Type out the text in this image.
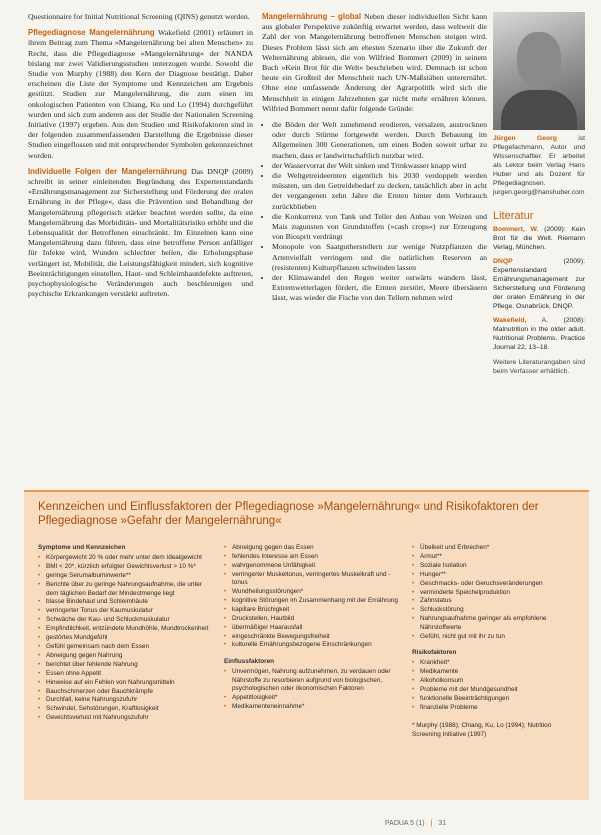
Questionnaire for Initial Nutritional Screening (QINS) genutzt werden.

Pflegediagnose Mangelernährung Wakefield (2001) erläutert in ihrem Beitrag zum Thema »Mangelernährung bei alten Menschen« zu Recht, dass die Pflegediagnose »Mangelernährung« der NANDA bislang nur zwei Validierungsstudien unterzogen wurde. Sowohl die Studie von Murphy (1988) den Kern der Diagnose bestätigt. Daher erscheinen die Liste der Symptome und Kennzeichen am Ergebnis gestützt. Studien zur Mangelernährung, die zum einen im onkologischen Patienten von Chiang, Ku und Lo (1994) durchgeführt wurden und sich zum anderen aus der Studie der Nationalen Screening Initiative (1997) ergeben. Aus den Studien und Risikofaktoren sind in der folgenden zusammenfassenden Darstellung die Ergebnisse dieser Studien eingeflossen und mit entsprechender Symbolen gekennzeichnet worden.

Individuelle Folgen der Mangelernährung Das DNQP (2009) schreibt in seiner einleitenden Begründung des Expertenstandards »Ernährungsmanagement zur Sicherstellung und Förderung der oralen Ernährung in der Pflege«, dass die Prävention und Behandlung der Mangelernährung pflegerisch stärker beachtet werden sollte, da eine Mangelernährung das Morbiditäts- und Mortalitätsrisiko erhöht und die Lebensqualität der Betroffenen einschränkt. Im Einzelnen kann eine Mangelernährung dazu führen, dass eine betroffene Person anfälliger für Infekte wird, Wunden schlechter heilen, die Erholungsphase verlängert ist, Mobilität, die Leistungsfähigkeit mindert, sich kognitive Beeinträchtigungen einstellen, Haut- und Schleimhautdefekte auftreten, psychophysiologische Veränderungen auch beschleunigen und psychische Erkrankungen verstärkt auftreten.

Mangelernährung – global Neben dieser individuellen Sicht kann aus globaler Perspektive zukünftig erwartet werden, dass weltweit die Zahl der von Mangelernährung betroffenen Menschen steigen wird. Dieses Problem lässt sich am ehesten Szenario über die Zukunft der Welternährung ablesen, die von Wilfried Bommert (2009) in seinem Buch »Kein Brot für die Welt« beschrieben wird. Demnach ist schon heute ein Großteil der Menschheit nach UN-Maßstäben unterernährt. Ohne eine umfassende Änderung der Agrarpolitik wird sich die Menschheit in einigen Jahrzehnten gar nicht mehr ernähren können. Wilfried Bommert nennt dafür folgende Gründe:

• die Böden der Welt zunehmend erodieren, versalzen, austrocknen oder durch Stürme fortgeweht werden. Durch Bebauung im Allgemeinen 300 Generationen, um einen Boden soweit urbar zu machen, dass er landwirtschaftlich nutzbar wird.
• der Wasservorrat der Welt sinken und Trinkwasser knapp wird
• die Weltgetreideernten eigentlich bis 2030 verdoppelt werden müssten, um den Getreidebedarf zu decken, tatsächlich aber in acht der vergangenen zehn Jahre die Ernten hinter dem Verbrauch zurückblieben
• die Konkurrenz von Tank und Teller den Anbau von Weizen und Mais zugunsten von Grundstoffen (»cash crops«) zur Erzeugung von Biosprit verdrängt
• Monopole von Saatgutherstellern zur wenige Nutzpflanzen die Artenvielfalt verringern und die natürlichen Reserven an (resistenten) Kulturpflanzen schwinden lassen
• der Klimawandel den Regen weiter ostwärts wandern lässt, Extremwetterlagen fördert, die Ernten zerstört, Meere übersäuern lässt, was wieder die Fische von den Tellern nehmen wird
Jürgen Georg	ist Pflegefachmann, Autor und Wissenschaftler. Er arbeitet als Lektor beim Verlag Hans Huber und als Dozent für Pflegediagnosen. jurgen.georg@hanshuber.com
Literatur

Bommert, W. (2009): Kein Brot für die Welt. Riemann Verlag, München.

DNQP	(2009): Expertenstandard Ernährungsmanagement zur Sicherstellung und Förderung der oralen Ernährung in der Pflege. Osnabrück, DNQP.

Wakefield, A. (2008): Malnutrition in the older adult. Nutritional Problems. Practice Journal 22, 13–18.

Weitere Literaturangaben sind beim Verfasser erhältlich.
Kennzeichen und Einflussfaktoren der Pflegediagnose »Mangelernährung« und Risikofaktoren der Pflegediagnose »Gefahr der Mangelernährung«
Symptome und Kennzeichen
• Körpergewicht 20 % oder mehr unter dem Idealgewicht
• BMI < 20*, kürzlich erfolgter Gewichtsverlust > 10 %*
• geringe Serumalbuminwerte**
• Berichte über zu geringe Nahrungsaufnahme, die unter dem täglichen Bedarf der Mindestmenge liegt
• blasse Bindehaut und Schleimhäute
• verringerter Tonus der Kaumuskulatur
• Schwäche der Kau- und Schluckmuskulatur
• Empfindlichkeit, entzündete Mundhöhle, Mundtrockenheit
• gestörtes Mundgefühl
• Gefühl gemeinsam nach dem Essen
• Abneigung gegen Nahrung
• berichtet über fehlende Nahrung
• Essen ohne Appetit
• Hinweise auf ein Fehlen von Nahrungsmitteln
• Bauchschmerzen oder Bauchkrämpfe
• Durchfall, keine Nahrungszufuhr
• Schwindel, Sehstörungen, Kraftlosigkeit
• Gewichtsverlust mit Nahrungszufuhr
• Abneigung gegen das Essen
• fehlendes Interesse am Essen
• wahrgenommene Unfähigkeit
• verringerter Muskeltonus, verringertes Muskelkraft und -tonus
• Wundheilungsstörungen*
• kognitive Störungen im Zusammenhang mit der Ernährung
• kapillare Brüchigkeit
• Druckstellen, Hautbild
• übermäßiger Haarausfall
• eingeschränkte Bewegungsfreiheit
• kulturelle Ernährungsbezogene Einschränkungen
Einflussfaktoren
• Unvermögen, Nahrung aufzunehmen, zu verdauen oder Nährstoffe zu resorbieren aufgrund von biologischen, psychologischen oder ökonomischen Faktoren
• Appetitlosigkeit*
• Medikamenteneinnahme*
• Übelkeit und Erbrechen*
• Armut**
• Soziale Isolation
• Hunger**
• Geschmacks- oder Geruchsveränderungen
• verminderte Speichelproduktion
• Zahnstatus
• Schluckstörung
• Nahrungsaufnahme geringer als empfohlene Nährstoffwerte
• Gefühl, nicht gut mit ihr zu tun
Risikofaktoren
• Krankheit*
• Medikamente
• Alkoholkonsum
• Probleme mit der Mundgesundheit
• funktionelle Beeinträchtigungen
• finanzielle Probleme
* Murphy (1988); Chiang, Ku, Lo (1994); Nutrition Screening Initiative (1997)
PADUA 5 (1) | 31
